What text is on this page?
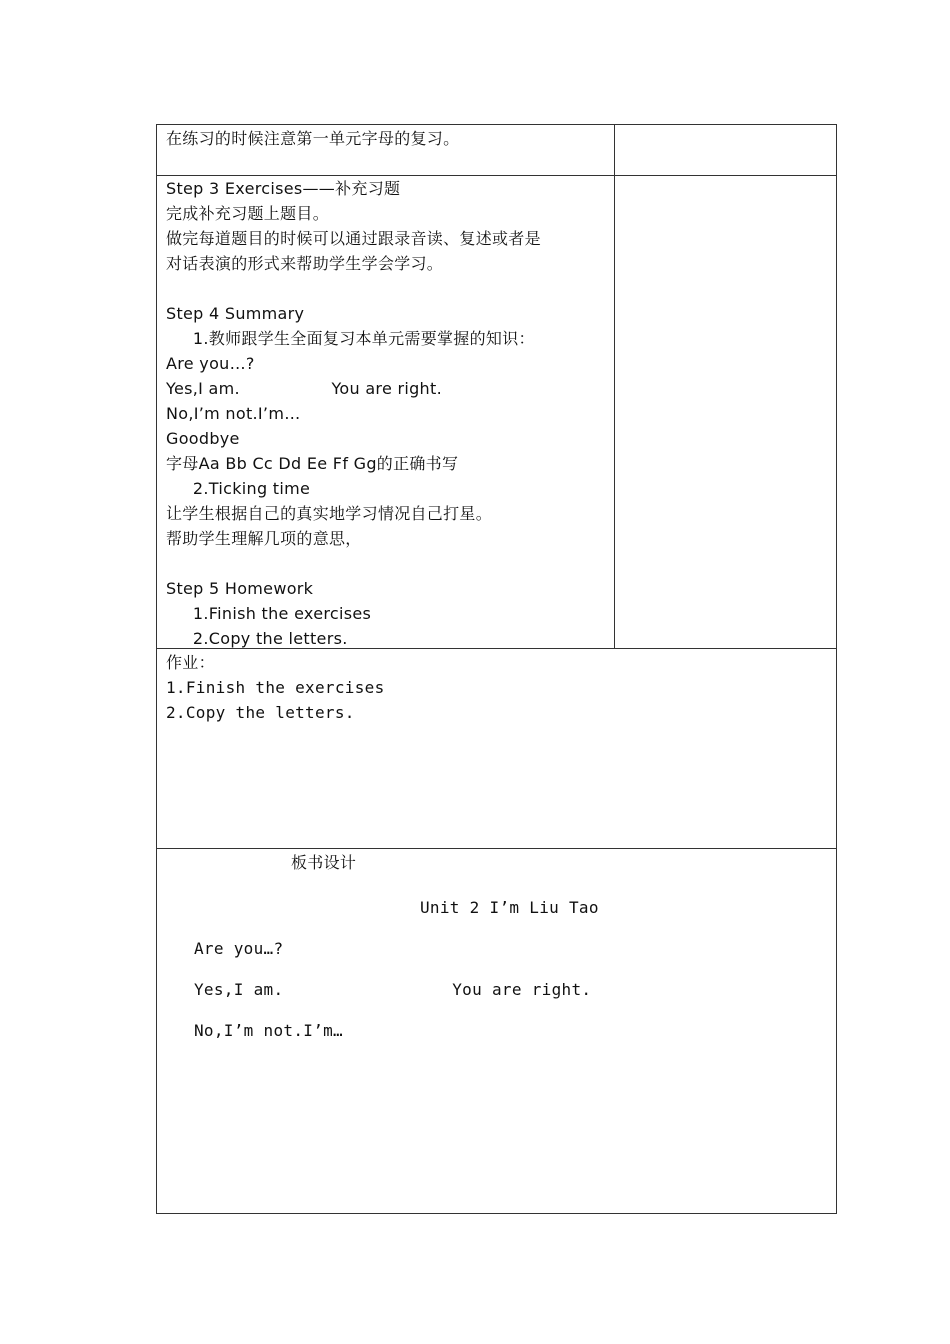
在练习的时候注意第一单元字母的复习。
Step 3 Exercises——补充习题
完成补充习题上题目。
做完每道题目的时候可以通过跟录音读、复述或者是
对话表演的形式来帮助学生学会学习。
Step 4 Summary
1.教师跟学生全面复习本单元需要掌握的知识：
Are you…?
Yes,I am.                 You are right.
No,I’m not.I’m…
Goodbye
字母Aa Bb Cc Dd Ee Ff Gg的正确书写
2.Ticking time
让学生根据自己的真实地学习情况自己打星。
帮助学生理解几项的意思，
Step 5 Homework
1.Finish the exercises
2.Copy the letters.
作业：
1.Finish the exercises
2.Copy the letters.
板书设计
Unit 2 I’m Liu Tao
Are you…?
Yes,I am.                 You are right.
No,I’m not.I’m…
